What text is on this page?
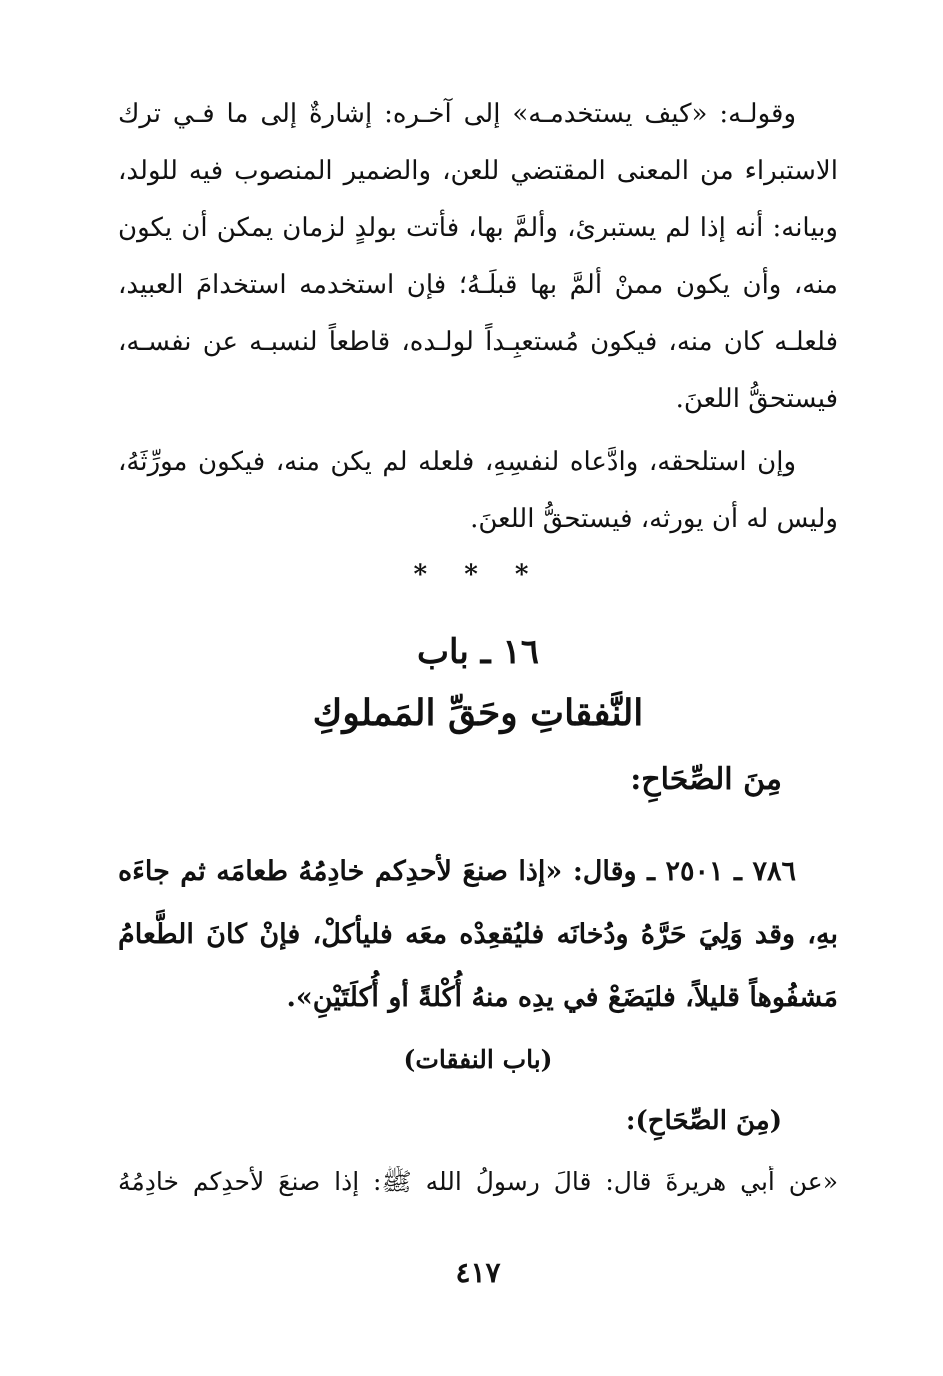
وقولـه: «كيف يستخدمـه» إلى آخـره: إشارةٌ إلى ما فـي ترك الاستبراء من المعنى المقتضي للعن، والضمير المنصوب فيه للولد، وبيانه: أنه إذا لم يستبرئ، وألمَّ بها، فأتت بولدٍ لزمان يمكن أن يكون منه، وأن يكون ممنْ ألمَّ بها قبلَـهُ؛ فإن استخدمه استخدامَ العبيد، فلعلـه كان منه، فيكون مُستعبِـداً لولـده، قاطعاً لنسبـه عن نفسـه، فيستحقُّ اللعنَ.

وإن استلحقه، وادَّعاه لنفسِهِ، فلعله لم يكن منه، فيكون مورِّثَهُ، وليس له أن يورثه، فيستحقُّ اللعنَ.

* * *
١٦ ـ باب
النَّفقاتِ وحَقِّ المَملوكِ
مِنَ الصِّحَاحِ:

٧٨٦ ـ ٢٥٠١ ـ وقال: «إذا صنعَ لأحدِكم خادِمُهُ طعامَه ثم جاءَه بهِ، وقد وَلِيَ حَرَّهُ ودُخانَه فليُقعِدْه معَه فليأكلْ، فإنْ كانَ الطَّعامُ مَشفُوهاً قليلاً، فليَضَعْ في يدِه منهُ أُكْلةً أو أُكلَتَيْنِ».

(باب النفقات)
(مِنَ الصِّحَاحِ):

«عن أبي هريرةَ قال: قالَ رسولُ الله ﷺ: إذا صنعَ لأحدِكم خادِمُهُ

٤١٧
